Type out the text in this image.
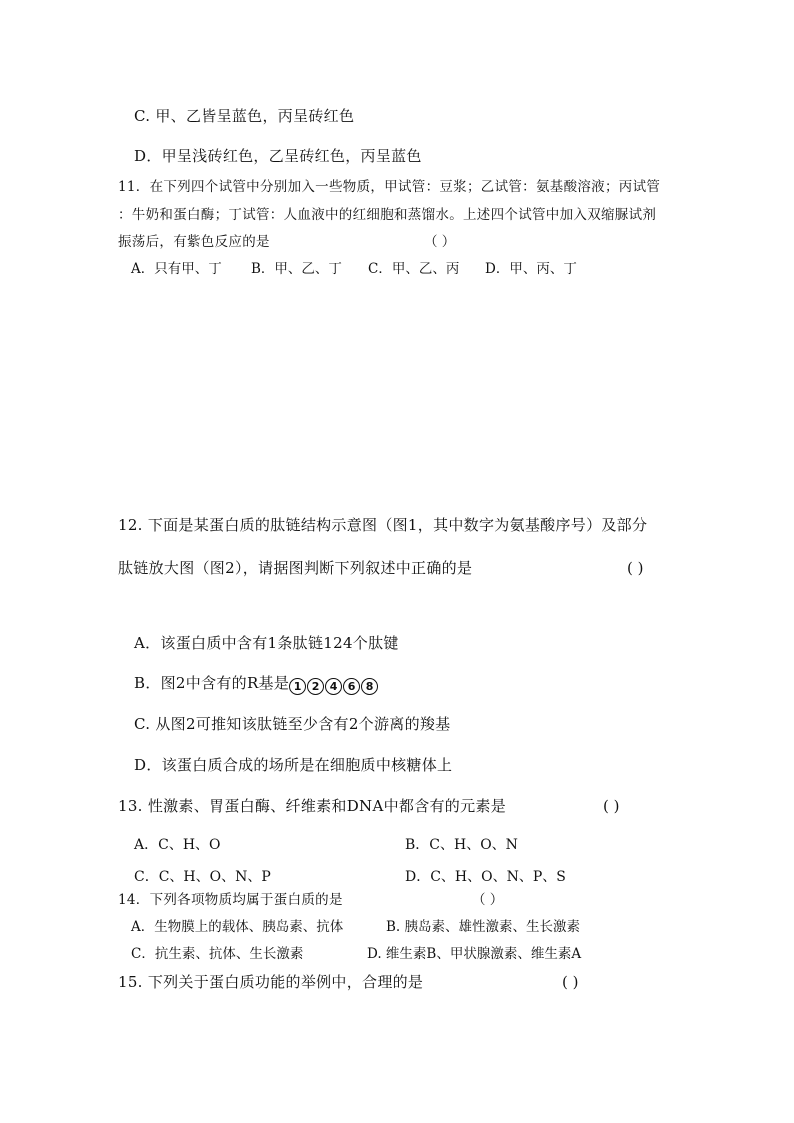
C. 甲、乙皆呈蓝色，丙呈砖红色
D．甲呈浅砖红色，乙呈砖红色，丙呈蓝色
11．在下列四个试管中分别加入一些物质，甲试管：豆浆；乙试管：氨基酸溶液；丙试管
：牛奶和蛋白酶；丁试管：人血液中的红细胞和蒸馏水。上述四个试管中加入双缩脲试剂
振荡后，有紫色反应的是	（ ）
A．只有甲、丁 B．甲、乙、丁 C．甲、乙、丙 D．甲、丙、丁
12. 下面是某蛋白质的肽链结构示意图（图1，其中数字为氨基酸序号）及部分
肽链放大图（图2），请据图判断下列叙述中正确的是	( )
A．该蛋白质中含有1条肽链124个肽键
B．图2中含有的R基是 1 2 4 6 8
C. 从图2可推知该肽链至少含有2个游离的羧基
D．该蛋白质合成的场所是在细胞质中核糖体上
13. 性激素、胃蛋白酶、纤维素和DNA中都含有的元素是	( )
A．C、H、O	B．C、H、O、N
C．C、H、O、N、P	D．C、H、O、N、P、S
14．下列各项物质均属于蛋白质的是	（ ）
A．生物膜上的载体、胰岛素、抗体	B. 胰岛素、雄性激素、生长激素
C．抗生素、抗体、生长激素	D. 维生素B、甲状腺激素、维生素A
15. 下列关于蛋白质功能的举例中，合理的是	( )
